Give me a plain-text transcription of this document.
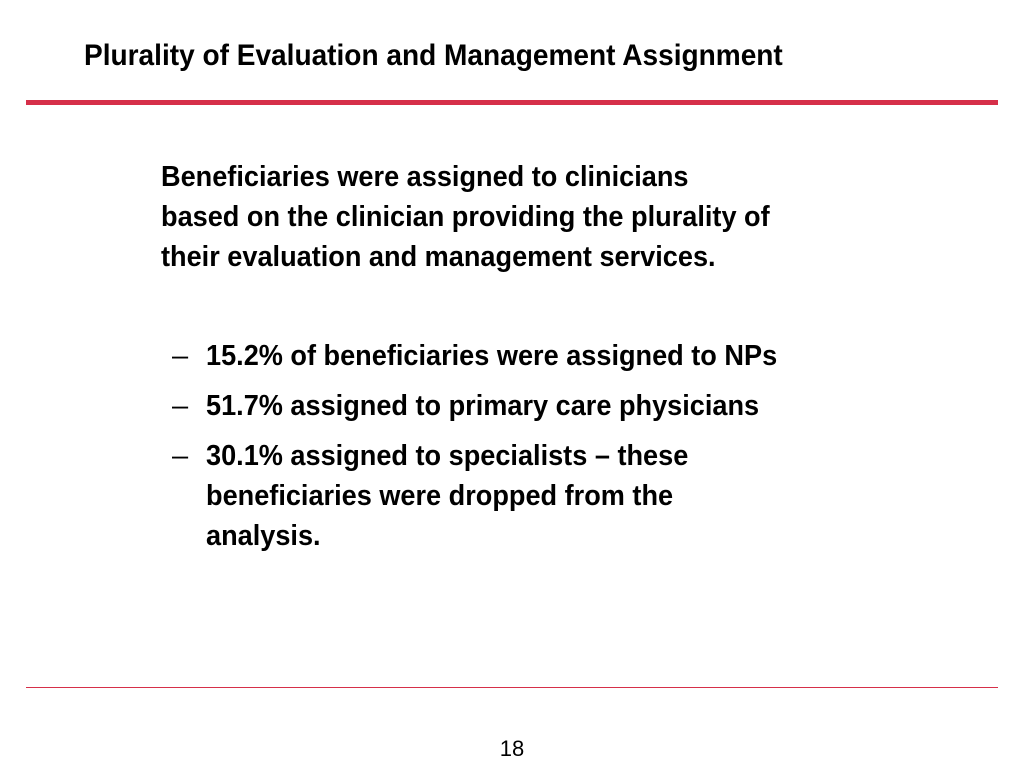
Plurality of Evaluation and Management Assignment

Beneficiaries were assigned to clinicians
based on the clinician providing the plurality of
their evaluation and management services.

– 15.2% of beneficiaries were assigned to NPs
– 51.7% assigned to primary care physicians
– 30.1% assigned to specialists – these
beneficiaries were dropped from the
analysis.
18
